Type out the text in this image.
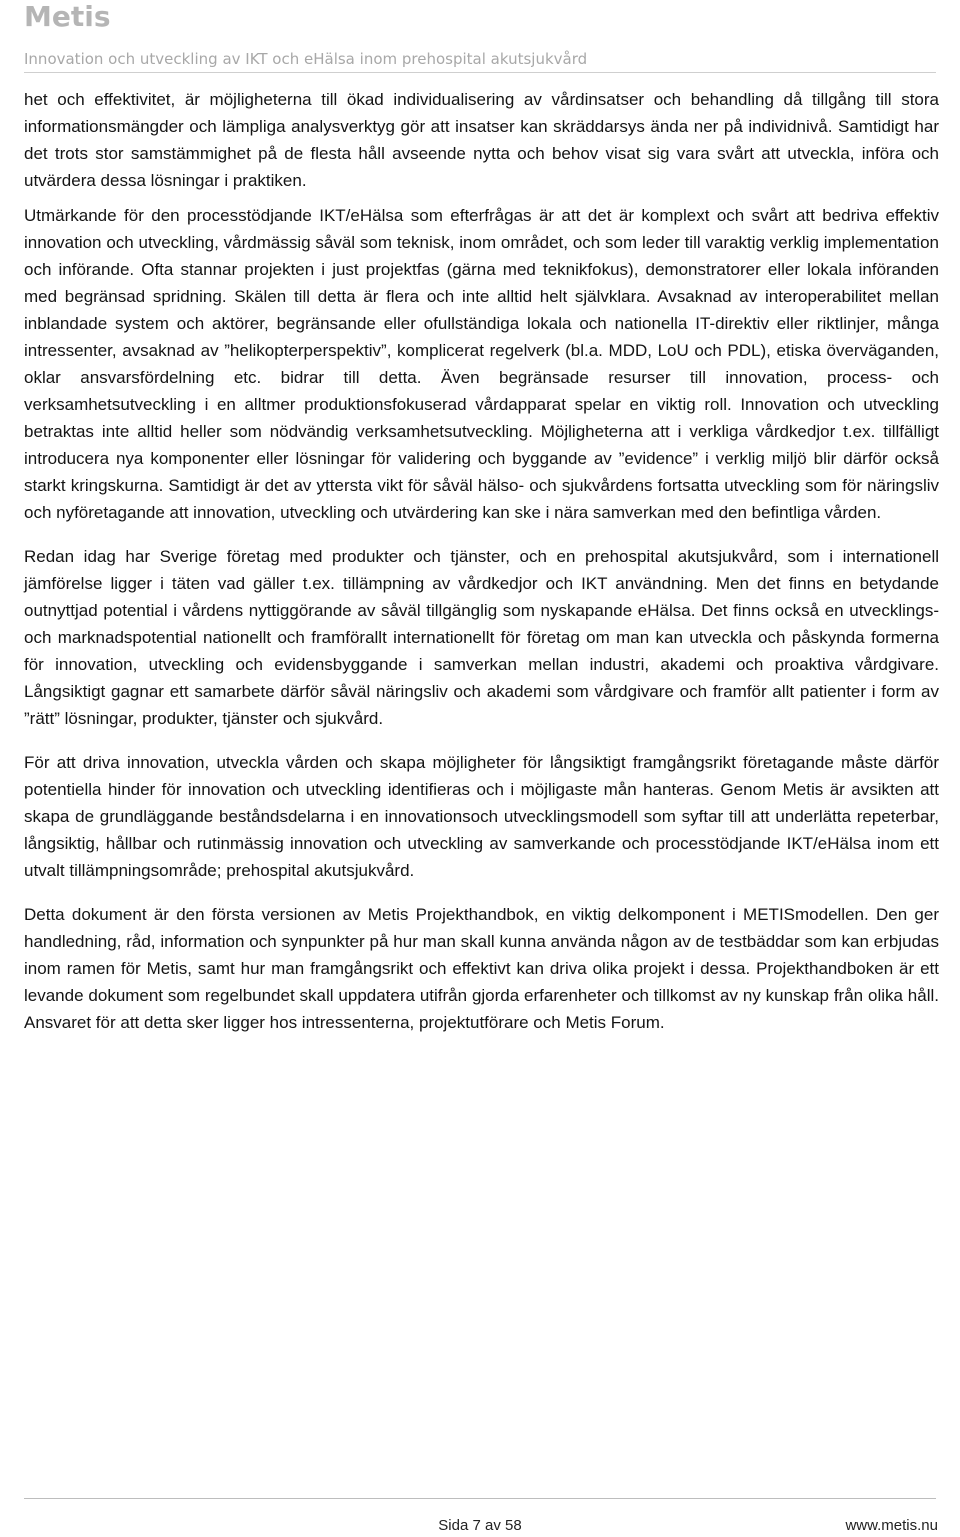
Metis
Innovation och utveckling av IKT och eHälsa inom prehospital akutsjukvård

het och effektivitet, är möjligheterna till ökad individualisering av vårdinsatser och behandling då tillgång till stora informationsmängder och lämpliga analysverktyg gör att insatser kan skräddarsys ända ner på individnivå. Samtidigt har det trots stor samstämmighet på de flesta håll avseende nytta och behov visat sig vara svårt att utveckla, införa och utvärdera dessa lösningar i praktiken.

Utmärkande för den processtödjande IKT/eHälsa som efterfrågas är att det är komplext och svårt att bedriva effektiv innovation och utveckling, vårdmässig såväl som teknisk, inom området, och som leder till varaktig verklig implementation och införande. Ofta stannar projekten i just projektfas (gärna med teknikfokus), demonstratorer eller lokala införanden med begränsad spridning. Skälen till detta är flera och inte alltid helt självklara. Avsaknad av interoperabilitet mellan inblandade system och aktörer, begränsande eller ofullständiga lokala och nationella IT-direktiv eller riktlinjer, många intressenter, avsaknad av ”helikopterperspektiv”, komplicerat regelverk (bl.a. MDD, LoU och PDL), etiska överväganden, oklar ansvarsfördelning etc. bidrar till detta. Även begränsade resurser till innovation, process- och verksamhetsutveckling i en alltmer produktionsfokuserad vårdapparat spelar en viktig roll. Innovation och utveckling betraktas inte alltid heller som nödvändig verksamhetsutveckling. Möjligheterna att i verkliga vårdkedjor t.ex. tillfälligt introducera nya komponenter eller lösningar för validering och byggande av ”evidence” i verklig miljö blir därför också starkt kringskurna. Samtidigt är det av yttersta vikt för såväl hälso- och sjukvårdens fortsatta utveckling som för näringsliv och nyföretagande att innovation, utveckling och utvärdering kan ske i nära samverkan med den befintliga vården.

Redan idag har Sverige företag med produkter och tjänster, och en prehospital akutsjukvård, som i internationell jämförelse ligger i täten vad gäller t.ex. tillämpning av vårdkedjor och IKT användning. Men det finns en betydande outnyttjad potential i vårdens nyttiggörande av såväl tillgänglig som nyskapande eHälsa. Det finns också en utvecklings- och marknadspotential nationellt och framförallt internationellt för företag om man kan utveckla och påskynda formerna för innovation, utveckling och evidensbyggande i samverkan mellan industri, akademi och proaktiva vårdgivare. Långsiktigt gagnar ett samarbete därför såväl näringsliv och akademi som vårdgivare och framför allt patienter i form av ”rätt” lösningar, produkter, tjänster och sjukvård.

För att driva innovation, utveckla vården och skapa möjligheter för långsiktigt framgångsrikt företagande måste därför potentiella hinder för innovation och utveckling identifieras och i möjligaste mån hanteras. Genom Metis är avsikten att skapa de grundläggande beståndsdelarna i en innovationsoch utvecklingsmodell som syftar till att underlätta repeterbar, långsiktig, hållbar och rutinmässig innovation och utveckling av samverkande och processtödjande IKT/eHälsa inom ett utvalt tillämpningsområde; prehospital akutsjukvård.

Detta dokument är den första versionen av Metis Projekthandbok, en viktig delkomponent i METISmodellen. Den ger handledning, råd, information och synpunkter på hur man skall kunna använda någon av de testbäddar som kan erbjudas inom ramen för Metis, samt hur man framgångsrikt och effektivt kan driva olika projekt i dessa. Projekthandboken är ett levande dokument som regelbundet skall uppdatera utifrån gjorda erfarenheter och tillkomst av ny kunskap från olika håll. Ansvaret för att detta sker ligger hos intressenterna, projektutförare och Metis Forum.

Sida 7 av 58	www.metis.nu
